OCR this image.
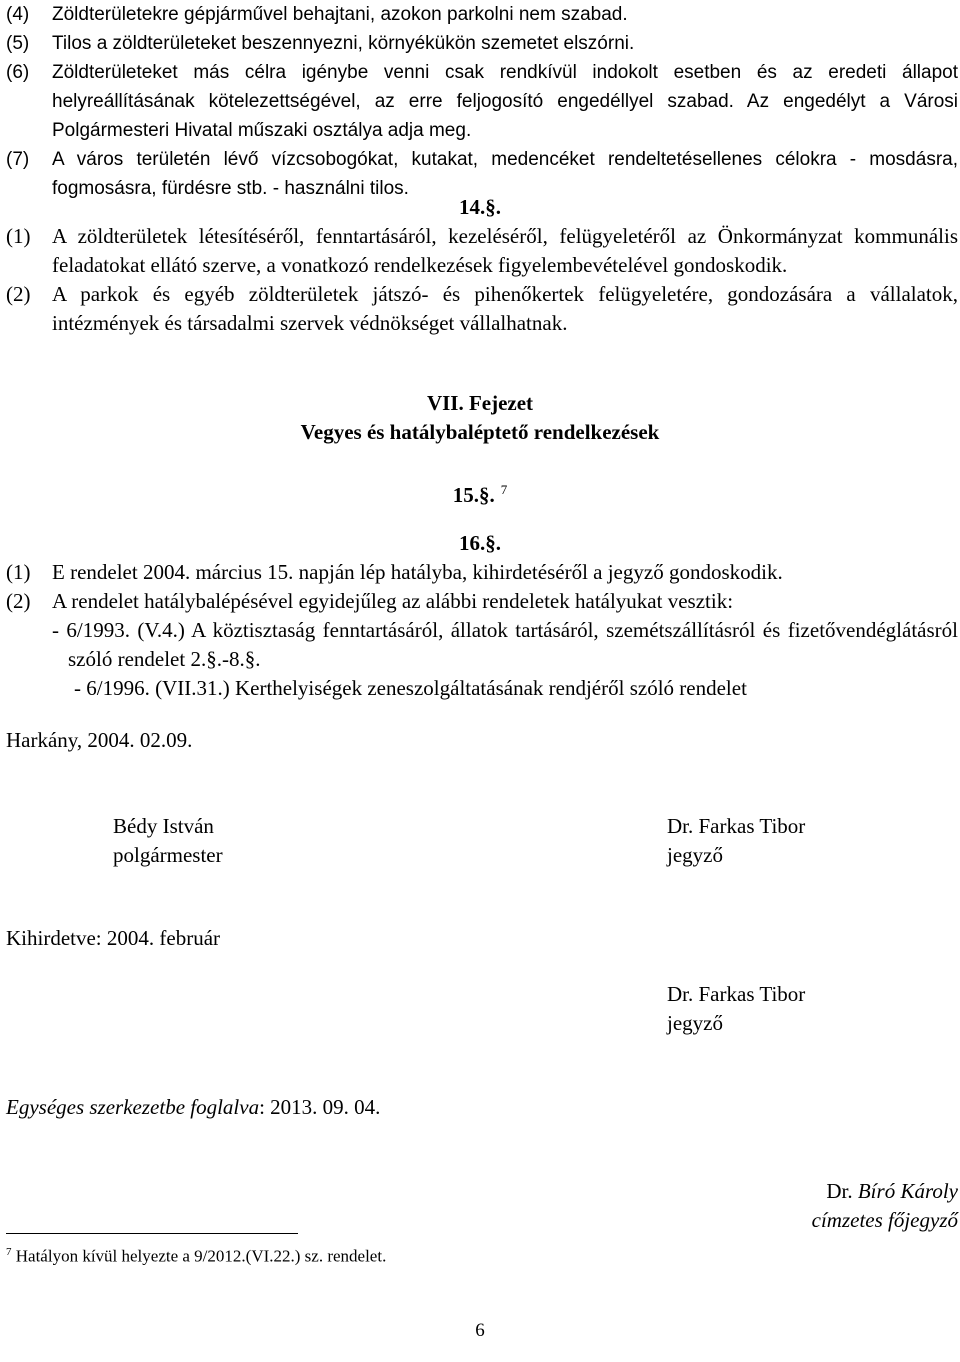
(4) Zöldterületekre gépjárművel behajtani, azokon parkolni nem szabad.
(5) Tilos a zöldterületeket beszennyezni, környékükön szemetet elszórni.
(6) Zöldterületeket más célra igénybe venni csak rendkívül indokolt esetben és az eredeti állapot helyreállításának kötelezettségével, az erre feljogosító engedéllyel szabad. Az engedélyt a Városi Polgármesteri Hivatal műszaki osztálya adja meg.
(7) A város területén lévő vízcsobogókat, kutakat, medencéket rendeltetésellenes célokra - mosdásra, fogmosásra, fürdésre stb. - használni tilos.
14.§.
(1) A zöldterületek létesítéséről, fenntartásáról, kezeléséről, felügyeletéről az Önkormányzat kommunális feladatokat ellátó szerve, a vonatkozó rendelkezések figyelembevételével gondoskodik.
(2) A parkok és egyéb zöldterületek játszó- és pihenőkertek felügyeletére, gondozására a vállalatok, intézmények és társadalmi szervek védnökséget vállalhatnak.
VII. Fejezet
Vegyes és hatálybaléptető rendelkezések
15.§. $^7$
16.§.
(1) E rendelet 2004. március 15. napján lép hatályba, kihirdetéséről a jegyző gondoskodik.
(2) A rendelet hatálybalépésével egyidejűleg az alábbi rendeletek hatályukat vesztik:
- 6/1993. (V.4.) A köztisztaság fenntartásáról, állatok tartásáról, szemétszállításról és fizetővendéglátásról szóló rendelet 2.§.-8.§.
- 6/1996. (VII.31.) Kerthelyiségek zeneszolgáltatásának rendjéről szóló rendelet
Harkány, 2004. 02.09.
Bédy István
polgármester
Dr. Farkas Tibor
jegyző
Kihirdetve: 2004. február
Dr. Farkas Tibor
jegyző
Egységes szerkezetbe foglalva: 2013. 09. 04.
Dr. Bíró Károly
címzetes főjegyző
$^7$ Hatályon kívül helyezte a 9/2012.(VI.22.) sz. rendelet.
6
